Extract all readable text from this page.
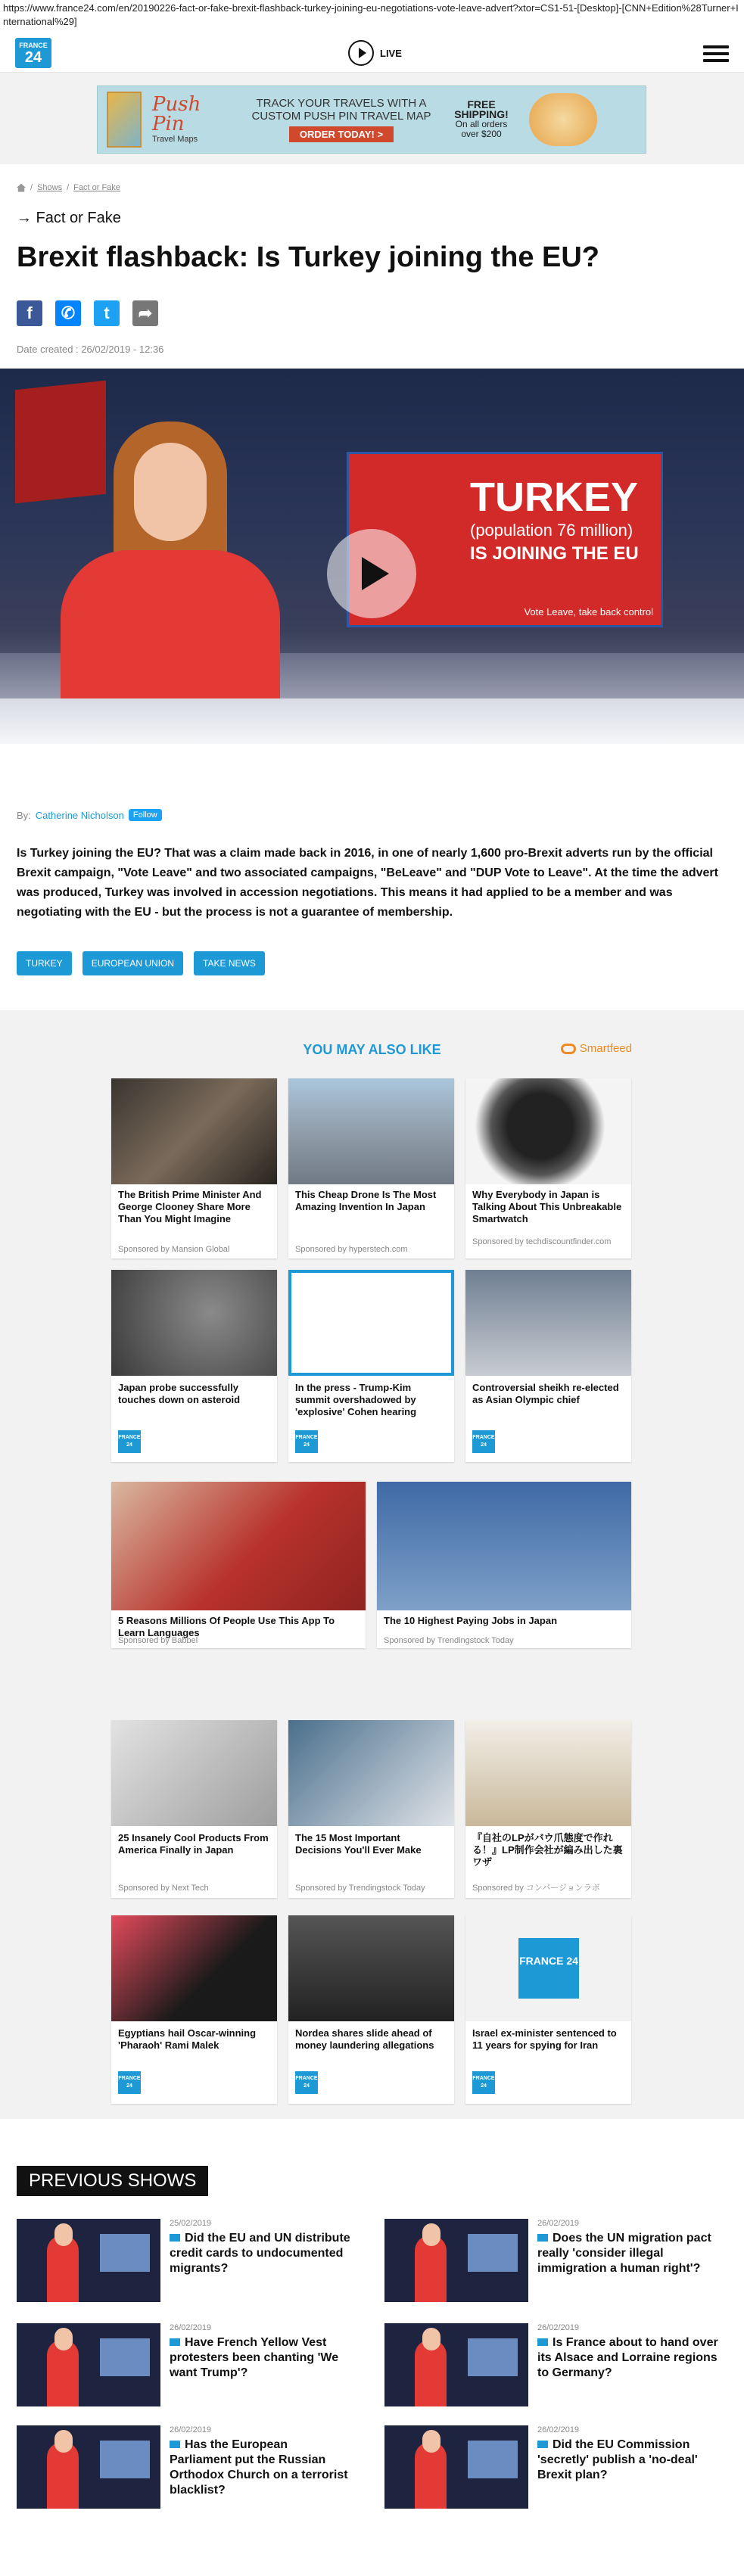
https://www.france24.com/en/20190226-fact-or-fake-brexit-flashback-turkey-joining-eu-negotiations-vote-leave-advert?xtor=CS1-51-[Desktop]-[CNN+Edition%28Turner+International%29]
FRANCE
24	LIVE
Push Pin
Travel Maps
TRACK YOUR TRAVELS WITH A CUSTOM PUSH PIN TRAVEL MAP
ORDER TODAY! >
FREE SHIPPING!
On all orders over $200
/ Shows / Fact or Fake
→ Fact or Fake
Brexit flashback: Is Turkey joining the EU?
f	✆	t	➦
Date created : 26/02/2019 - 12:36
TURKEY
(population 76 million)
IS JOINING THE EU
Vote Leave, take back control
By: Catherine Nicholson	Follow

Is Turkey joining the EU? That was a claim made back in 2016, in one of nearly 1,600 pro-Brexit adverts run by the official Brexit campaign, "Vote Leave" and two associated campaigns, "BeLeave" and "DUP Vote to Leave". At the time the advert was produced, Turkey was involved in accession negotiations. This means it had applied to be a member and was negotiating with the EU - but the process is not a guarantee of membership.

TURKEY	EUROPEAN UNION	TAKE NEWS
YOU MAY ALSO LIKE	Smartfeed
The British Prime Minister And George Clooney Share More Than You Might Imagine
Sponsored by Mansion Global
This Cheap Drone Is The Most Amazing Invention In Japan
Sponsored by hyperstech.com
Why Everybody in Japan is Talking About This Unbreakable Smartwatch
Sponsored by techdiscountfinder.com
Japan probe successfully touches down on asteroid
FRANCE 24
In the press - Trump-Kim summit overshadowed by 'explosive' Cohen hearing
FRANCE 24
Controversial sheikh re-elected as Asian Olympic chief
FRANCE 24
5 Reasons Millions Of People Use This App To Learn Languages
Sponsored by Babbel
The 10 Highest Paying Jobs in Japan
Sponsored by Trendingstock Today
25 Insanely Cool Products From America Finally in Japan
Sponsored by Next Tech
The 15 Most Important Decisions You'll Ever Make
Sponsored by Trendingstock Today
『自社のLPがバウ爪態度で作れる！』LP制作会社が編み出した裏ワザ
Sponsored by コンバージョンラボ
Egyptians hail Oscar-winning 'Pharaoh' Rami Malek
FRANCE 24
Nordea shares slide ahead of money laundering allegations
FRANCE 24
FRANCE 24
Israel ex-minister sentenced to 11 years for spying for Iran
FRANCE 24
PREVIOUS SHOWS
25/02/2019
Did the EU and UN distribute credit cards to undocumented migrants?
26/02/2019
Does the UN migration pact really 'consider illegal immigration a human right'?
26/02/2019
Have French Yellow Vest protesters been chanting 'We want Trump'?
26/02/2019
Is France about to hand over its Alsace and Lorraine regions to Germany?
26/02/2019
Has the European Parliament put the Russian Orthodox Church on a terrorist blacklist?
26/02/2019
Did the EU Commission 'secretly' publish a 'no-deal' Brexit plan?
